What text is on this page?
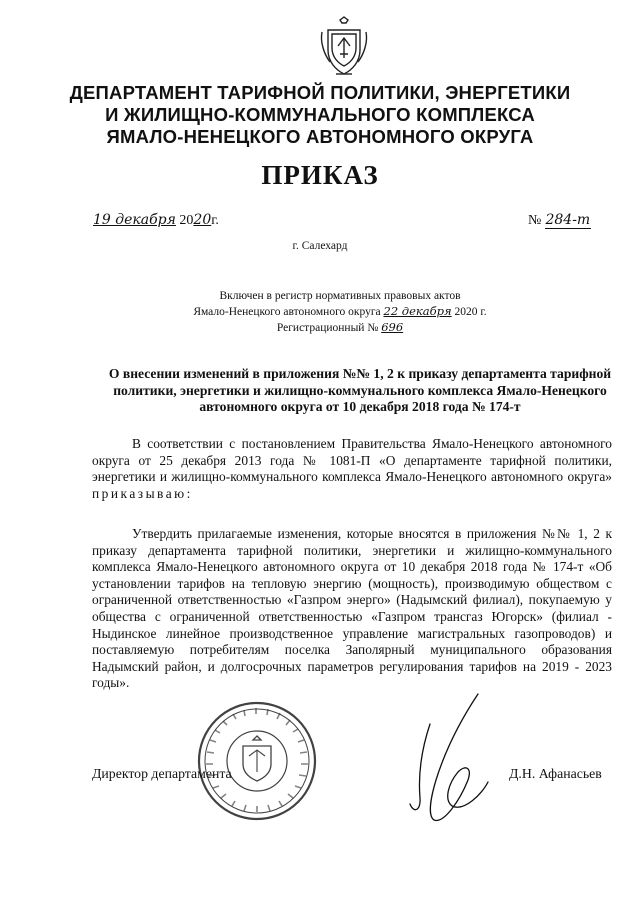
ДЕПАРТАМЕНТ ТАРИФНОЙ ПОЛИТИКИ, ЭНЕРГЕТИКИ
И ЖИЛИЩНО-КОММУНАЛЬНОГО КОМПЛЕКСА
ЯМАЛО-НЕНЕЦКОГО АВТОНОМНОГО ОКРУГА
ПРИКАЗ
19 декабря 2020г.	№ 284-т
г. Салехард
Включен в регистр нормативных правовых актов
Ямало-Ненецкого автономного округа 22 декабря 2020 г.
Регистрационный № 696
О внесении изменений в приложения №№ 1, 2 к приказу департамента тарифной политики, энергетики и жилищно-коммунального комплекса Ямало-Ненецкого автономного округа от 10 декабря 2018 года № 174-т
В соответствии с постановлением Правительства Ямало-Ненецкого автономного округа от 25 декабря 2013 года № 1081-П «О департаменте тарифной политики, энергетики и жилищно-коммунального комплекса Ямало-Ненецкого автономного округа» приказываю:
Утвердить прилагаемые изменения, которые вносятся в приложения №№ 1, 2 к приказу департамента тарифной политики, энергетики и жилищно-коммунального комплекса Ямало-Ненецкого автономного округа от 10 декабря 2018 года № 174-т «Об установлении тарифов на тепловую энергию (мощность), производимую обществом с ограниченной ответственностью «Газпром энерго» (Надымский филиал), покупаемую у общества с ограниченной ответственностью «Газпром трансгаз Югорск» (филиал - Ныдинское линейное производственное управление магистральных газопроводов) и поставляемую потребителям поселка Заполярный муниципального образования Надымский район, и долгосрочных параметров регулирования тарифов на 2019 - 2023 годы».
Директор департамента	Д.Н. Афанасьев
